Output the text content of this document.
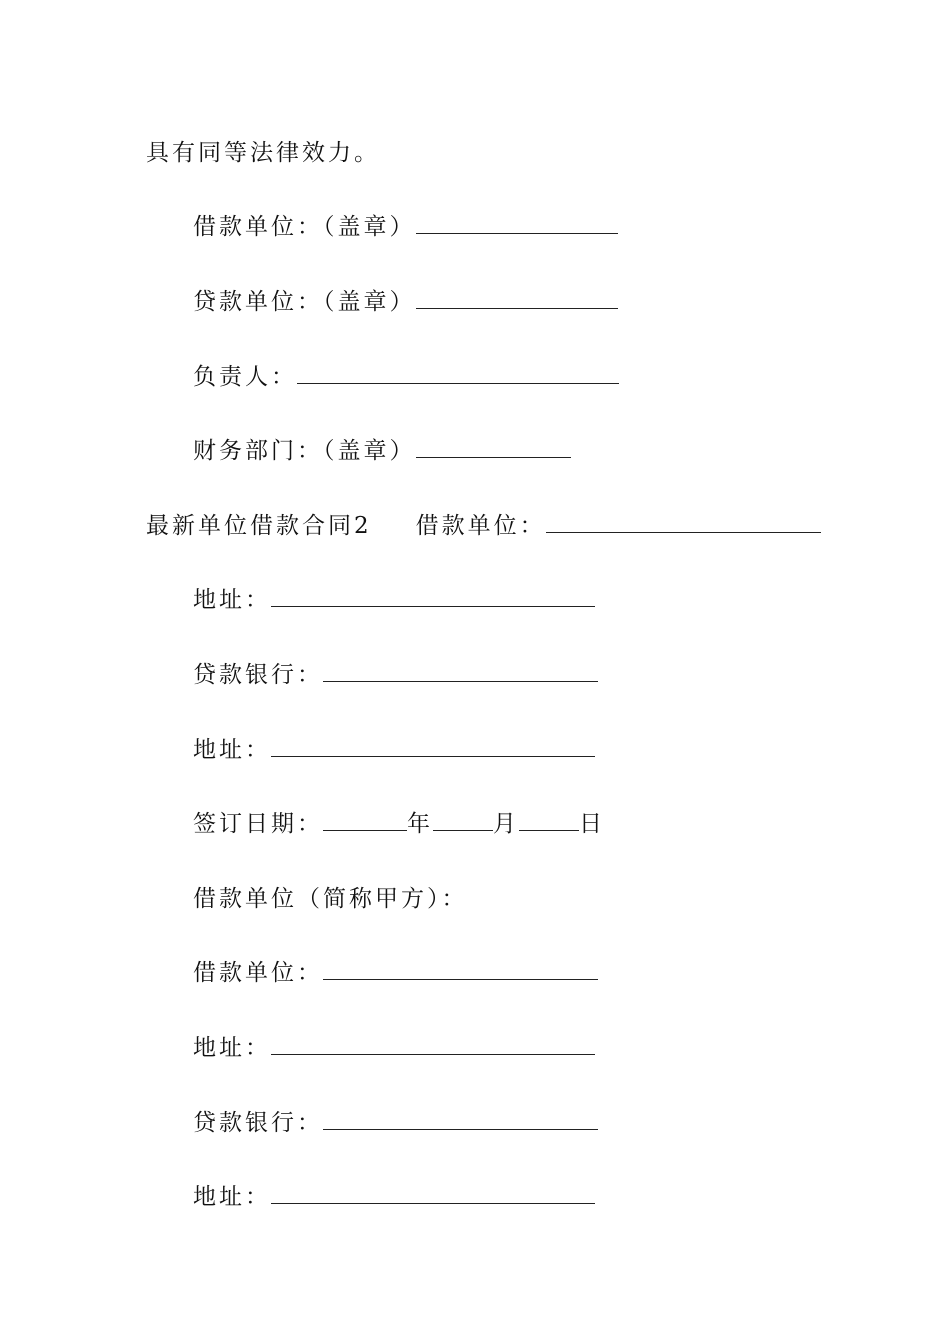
具有同等法律效力。
借款单位：（盖章）
贷款单位：（盖章）
负责人：
财务部门：（盖章）
最新单位借款合同2 借款单位：
地址：
贷款银行：
地址：
签订日期：	年	月	日
借款单位（简称甲方）：
借款单位：
地址：
贷款银行：
地址：
